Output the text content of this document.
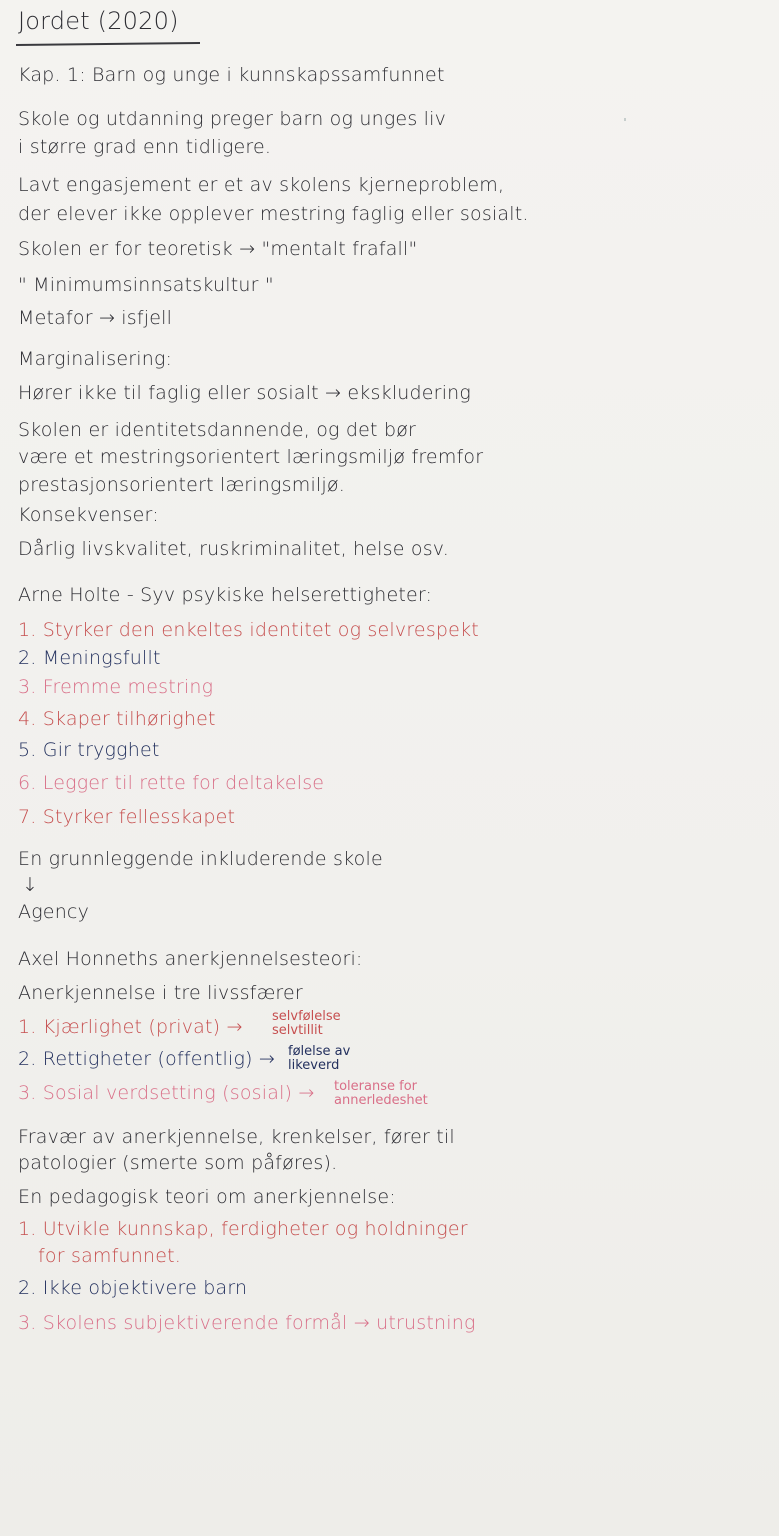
Jordet (2020)
Kap. 1: Barn og unge i kunnskapssamfunnet
Skole og utdanning preger barn og unges liv
i større grad enn tidligere.
Lavt engasjement er et av skolens kjerneproblem,
der elever ikke opplever mestring faglig eller sosialt.
Skolen er for teoretisk → "mentalt frafall"
" Minimumsinnsatskultur "
Metafor → isfjell
Marginalisering:
Hører ikke til faglig eller sosialt → ekskludering
Skolen er identitetsdannende, og det bør
være et mestringsorientert læringsmiljø fremfor
prestasjonsorientert læringsmiljø.
Konsekvenser:
Dårlig livskvalitet, ruskriminalitet, helse osv.
Arne Holte - Syv psykiske helserettigheter:
1. Styrker den enkeltes identitet og selvrespekt
2. Meningsfullt
3. Fremme mestring
4. Skaper tilhørighet
5. Gir trygghet
6. Legger til rette for deltakelse
7. Styrker fellesskapet
En grunnleggende inkluderende skole
↓
Agency
Axel Honneths anerkjennelsesteori:
Anerkjennelse i tre livssfærer
1. Kjærlighet (privat) → selvfølelse
selvtillit
2. Rettigheter (offentlig) → følelse av
likeverd
3. Sosial verdsetting (sosial) → toleranse for
annerledeshet
Fravær av anerkjennelse, krenkelser, fører til
patologier (smerte som påføres).
En pedagogisk teori om anerkjennelse:
1. Utvikle kunnskap, ferdigheter og holdninger
for samfunnet.
2. Ikke objektivere barn
3. Skolens subjektiverende formål → utrustning
